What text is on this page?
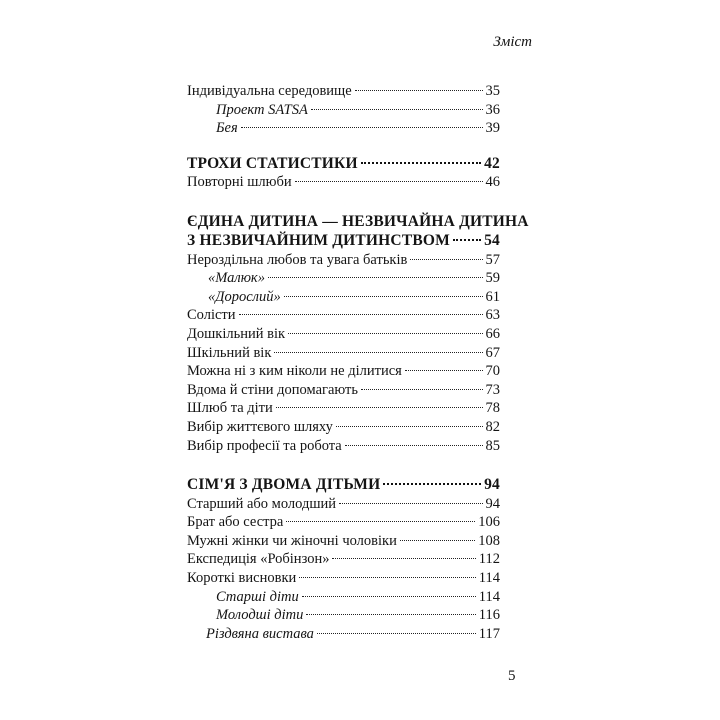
Зміст
Індивідуальна середовище	35
Проект SATSA	36
Бея	39
ТРОХИ СТАТИСТИКИ	42
Повторні шлюби	46
ЄДИНА ДИТИНА — НЕЗВИЧАЙНА ДИТИНА
З НЕЗВИЧАЙНИМ ДИТИНСТВОМ 54
Нероздільна любов та увага батьків	57
«Малюк»	59
«Дорослий»	61
Солісти	63
Дошкільний вік	66
Шкільний вік	67
Можна ні з ким ніколи не ділитися	70
Вдома й стіни допомагають	73
Шлюб та діти	78
Вибір життєвого шляху	82
Вибір професії та робота	85
СІМ'Я З ДВОМА ДІТЬМИ	94
Старший або молодший	94
Брат або сестра	106
Мужні жінки чи жіночні чоловіки	108
Експедиція «Робінзон»	112
Короткі висновки	114
Старші діти	114
Молодші діти	116
Різдвяна вистава	117
5
